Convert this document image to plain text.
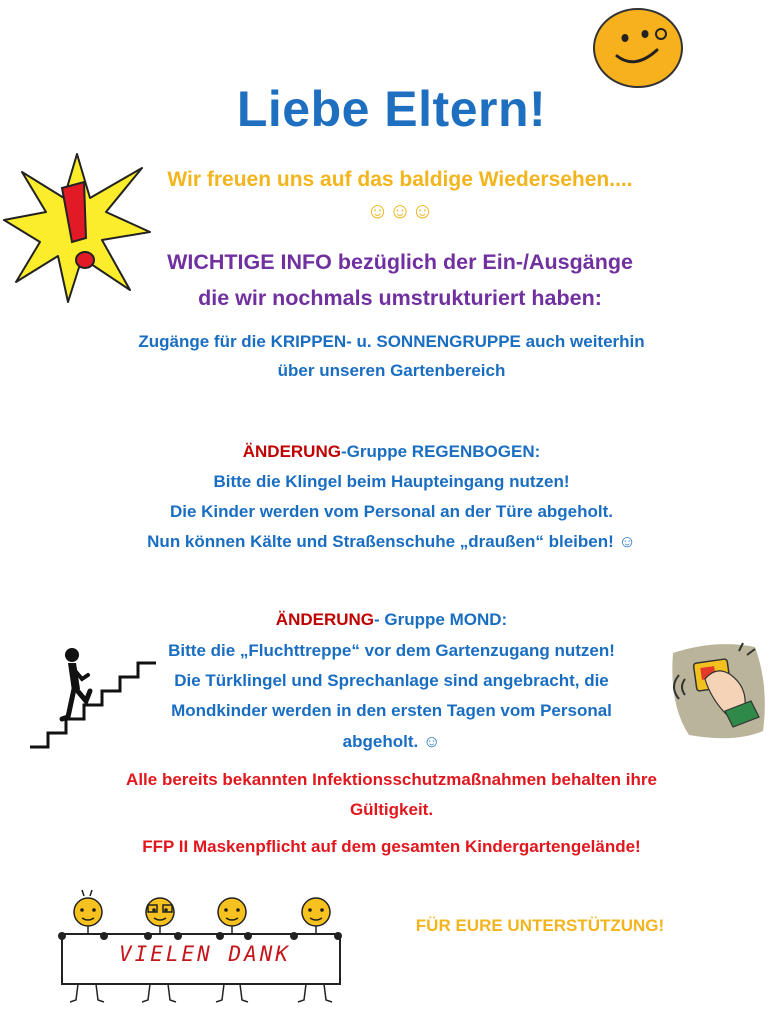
Liebe Eltern!
Wir freuen uns auf das baldige Wiedersehen....
☺☺☺
WICHTIGE INFO bezüglich der Ein-/Ausgänge
die wir nochmals umstrukturiert haben:
Zugänge für die KRIPPEN- u. SONNENGRUPPE auch weiterhin
über unseren Gartenbereich
ÄNDERUNG-Gruppe REGENBOGEN:
Bitte die Klingel beim Haupteingang nutzen!
Die Kinder werden vom Personal an der Türe abgeholt.
Nun können Kälte und Straßenschuhe „draußen“ bleiben! ☺
ÄNDERUNG- Gruppe MOND:
Bitte die „Fluchttreppe“ vor dem Gartenzugang nutzen!
Die Türklingel und Sprechanlage sind angebracht, die
Mondkinder werden in den ersten Tagen vom Personal
abgeholt. ☺
Alle bereits bekannten Infektionsschutzmaßnahmen behalten ihre
Gültigkeit.
FFP II Maskenpflicht auf dem gesamten Kindergartengelände!
VIELEN DANK
FÜR EURE UNTERSTÜTZUNG!
